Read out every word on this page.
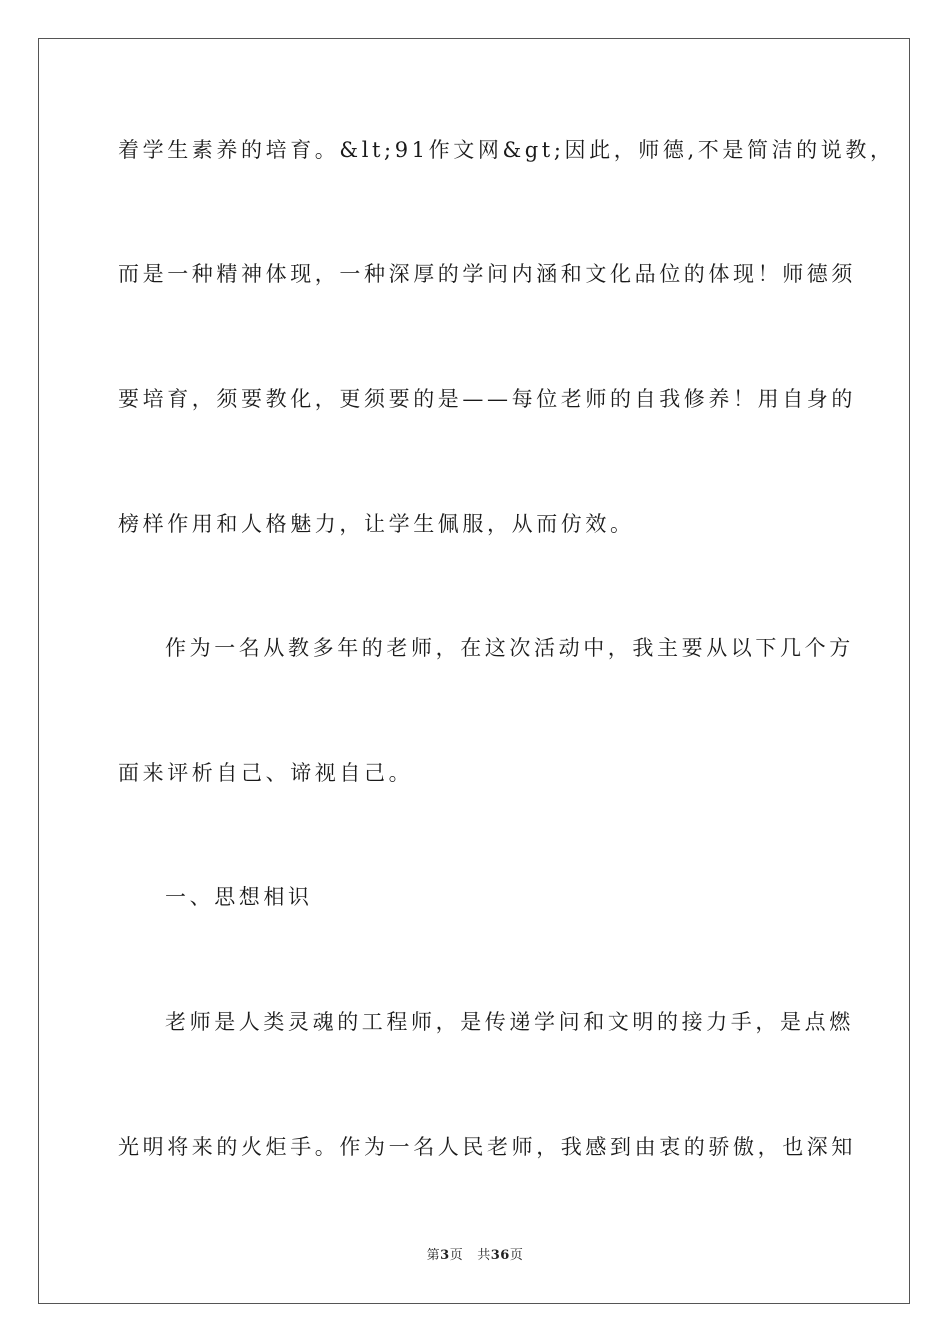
着学生素养的培育。&lt;91作文网&gt;因此，师德,不是简洁的说教，
而是一种精神体现，一种深厚的学问内涵和文化品位的体现！师德须
要培育，须要教化，更须要的是——每位老师的自我修养！用自身的
榜样作用和人格魅力，让学生佩服，从而仿效。
作为一名从教多年的老师，在这次活动中，我主要从以下几个方
面来评析自己、谛视自己。
一、思想相识
老师是人类灵魂的工程师，是传递学问和文明的接力手，是点燃
光明将来的火炬手。作为一名人民老师，我感到由衷的骄傲，也深知
第3页 共36页
